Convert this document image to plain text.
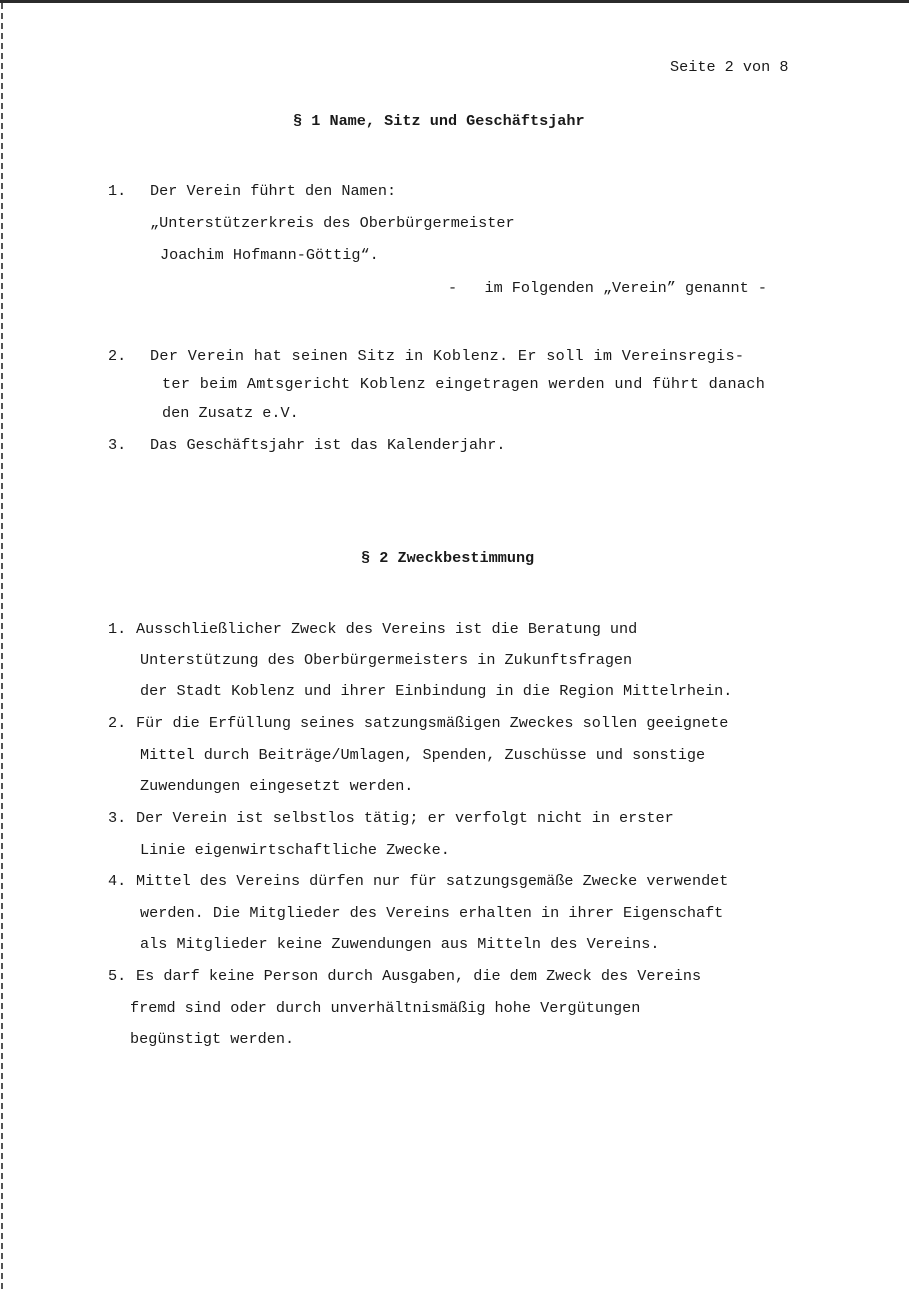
Seite 2 von 8
§ 1 Name, Sitz und Geschäftsjahr
1. Der Verein führt den Namen:
„Unterstützerkreis des Oberbürgermeister
Joachim Hofmann-Göttig“.
-   im Folgenden „Verein” genannt -
2. Der Verein hat seinen Sitz in Koblenz. Er soll im Vereinsregis-
ter beim Amtsgericht Koblenz eingetragen werden und führt danach
den Zusatz e.V.
3. Das Geschäftsjahr ist das Kalenderjahr.
§ 2 Zweckbestimmung
1. Ausschließlicher Zweck des Vereins ist die Beratung und
Unterstützung des Oberbürgermeisters in Zukunftsfragen
der Stadt Koblenz und ihrer Einbindung in die Region Mittelrhein.
2. Für die Erfüllung seines satzungsmäßigen Zweckes sollen geeignete
Mittel durch Beiträge/Umlagen, Spenden, Zuschüsse und sonstige
Zuwendungen eingesetzt werden.
3. Der Verein ist selbstlos tätig; er verfolgt nicht in erster
Linie eigenwirtschaftliche Zwecke.
4. Mittel des Vereins dürfen nur für satzungsgemäße Zwecke verwendet
werden. Die Mitglieder des Vereins erhalten in ihrer Eigenschaft
als Mitglieder keine Zuwendungen aus Mitteln des Vereins.
5. Es darf keine Person durch Ausgaben, die dem Zweck des Vereins
fremd sind oder durch unverhältnismäßig hohe Vergütungen
begünstigt werden.
